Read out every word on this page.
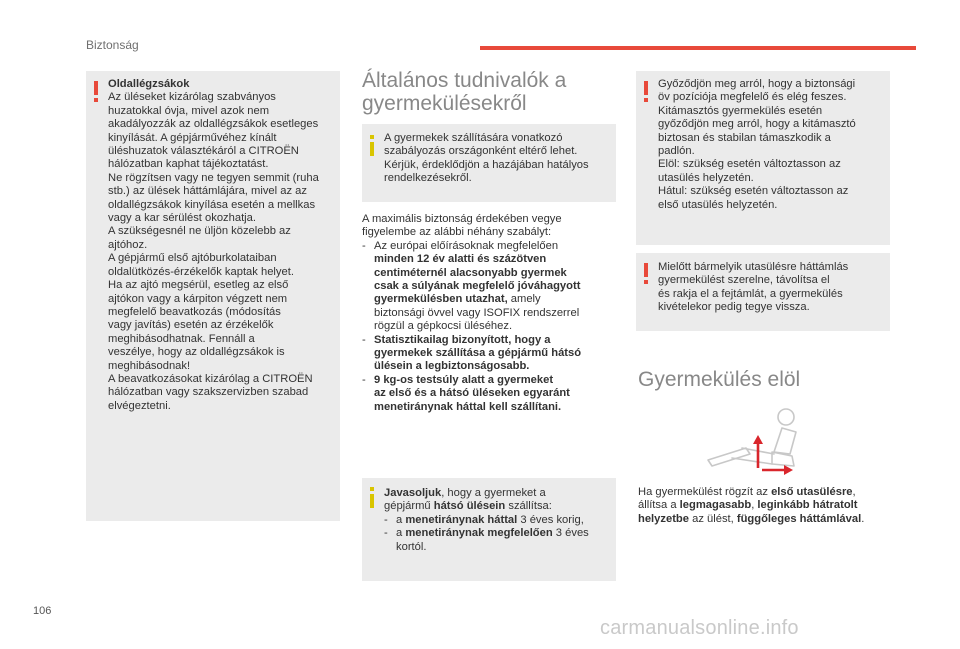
Biztonság

Oldallégzsákok

Az üléseket kizárólag szabványos

huzatokkal óvja, mivel azok nem

akadályozzák az oldallégzsákok esetleges

kinyílását. A gépjárművéhez kínált

üléshuzatok választékáról a CITROËN

hálózatban kaphat tájékoztatást.

Ne rögzítsen vagy ne tegyen semmit (ruha

stb.) az ülések háttámlájára, mivel az az

oldallégzsákok kinyílása esetén a mellkas

vagy a kar sérülést okozhatja.

A szükségesnél ne üljön közelebb az

ajtóhoz.

A gépjármű első ajtóburkolataiban

oldalütközés-érzékelők kaptak helyet.

Ha az ajtó megsérül, esetleg az első

ajtókon vagy a kárpiton végzett nem

megfelelő beavatkozás (módosítás

vagy javítás) esetén az érzékelők

meghibásodhatnak. Fennáll a

veszélye, hogy az oldallégzsákok is

meghibásodnak!

A beavatkozásokat kizárólag a CITROËN

hálózatban vagy szakszervizben szabad

elvégeztetni.

Általános tudnivalók a
gyermekülésekről

A gyermekek szállítására vonatkozó

szabályozás országonként eltérő lehet.

Kérjük, érdeklődjön a hazájában hatályos

rendelkezésekről.

A maximális biztonság érdekében vegye
figyelembe az alábbi néhány szabályt:
- Az európai előírásoknak megfelelően
minden 12 év alatti és százötven
centiméternél alacsonyabb gyermek
csak a súlyának megfelelő jóváhagyott
gyermekülésben utazhat, amely
biztonsági övvel vagy ISOFIX rendszerrel
rögzül a gépkocsi üléséhez.
- Statisztikailag bizonyított, hogy a
gyermekek szállítása a gépjármű hátsó
ülésein a legbiztonságosabb.
- 9 kg-os testsúly alatt a gyermeket
az első és a hátsó üléseken egyaránt
menetiránynak háttal kell szállítani.

Javasoljuk, hogy a gyermeket a

gépjármű hátsó ülésein szállítsa:

- a menetiránynak háttal 3 éves korig,
- a menetiránynak megfelelően 3 éves
kortól.

Győződjön meg arról, hogy a biztonsági

öv pozíciója megfelelő és elég feszes.

Kitámasztós gyermekülés esetén

győződjön meg arról, hogy a kitámasztó

biztosan és stabilan támaszkodik a

padlón.

Elöl: szükség esetén változtasson az

utasülés helyzetén.

Hátul: szükség esetén változtasson az

első utasülés helyzetén.

Mielőtt bármelyik utasülésre háttámlás

gyermekülést szerelne, távolítsa el

és rakja el a fejtámlát, a gyermekülés

kivételekor pedig tegye vissza.

Gyermekülés elöl
Ha gyermekülést rögzít az első utasülésre,
állítsa a legmagasabb, leginkább hátratolt
helyzetbe az ülést, függőleges háttámlával.
106
carmanualsonline.info
